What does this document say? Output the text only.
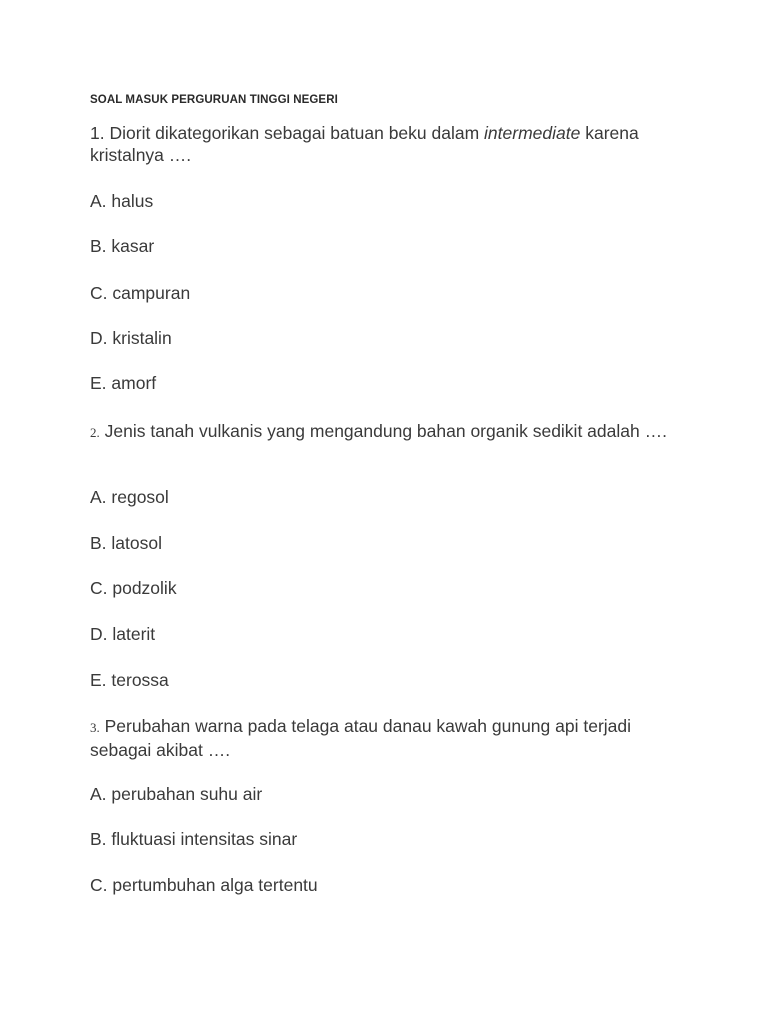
SOAL MASUK PERGURUAN TINGGI NEGERI
1. Diorit dikategorikan sebagai batuan beku dalam intermediate karena kristalnya ….
A. halus
B. kasar
C. campuran
D. kristalin
E. amorf
2. Jenis tanah vulkanis yang mengandung bahan organik sedikit adalah ….
A. regosol
B. latosol
C. podzolik
D. laterit
E. terossa
3. Perubahan warna pada telaga atau danau kawah gunung api terjadi sebagai akibat ….
A. perubahan suhu air
B. fluktuasi intensitas sinar
C. pertumbuhan alga tertentu
